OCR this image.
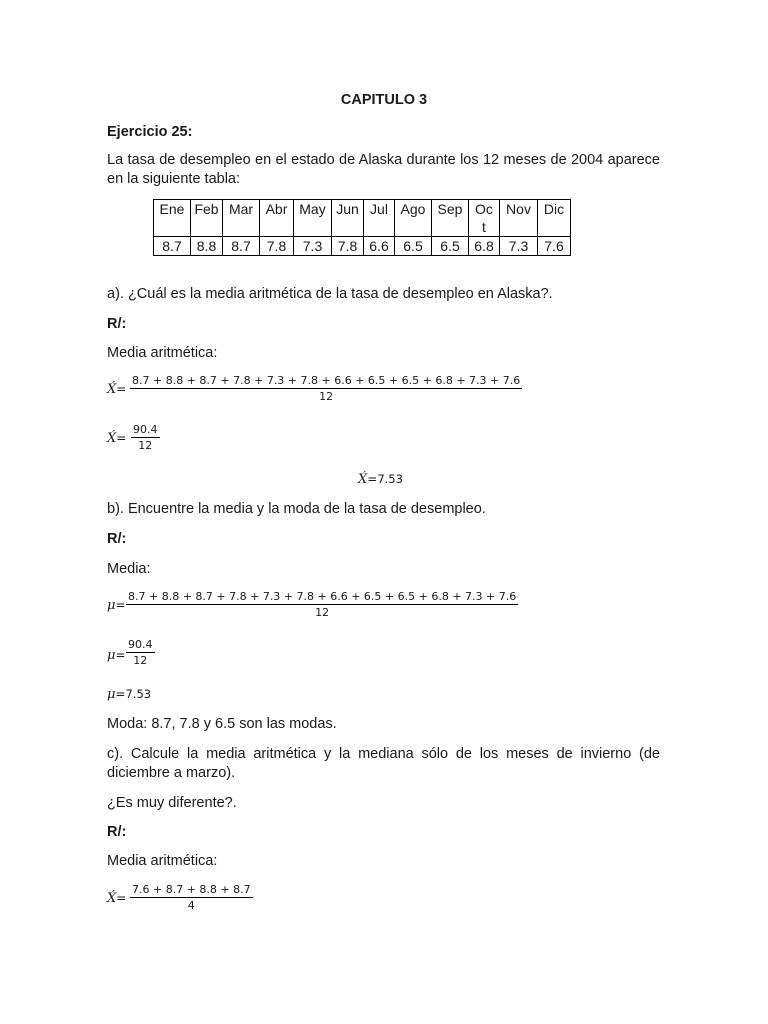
CAPITULO 3
Ejercicio 25:
La tasa de desempleo en el estado de Alaska durante los 12 meses de 2004 aparece en la siguiente tabla:
Ene	Feb	Mar	Abr	May	Jun	Jul	Ago	Sep	Oc t	Nov	Dic
8.7	8.8	8.7	7.8	7.3	7.8	6.6	6.5	6.5	6.8	7.3	7.6
a). ¿Cuál es la media aritmética de la tasa de desempleo en Alaska?.
R/:
Media aritmética:
X́=
8.7 + 8.8 + 8.7 + 7.8 + 7.3 + 7.8 + 6.6 + 6.5 + 6.5 + 6.8 + 7.3 + 7.6
12
X́= $\frac{90.4}{12}$
X́=7.53
b). Encuentre la media y la moda de la tasa de desempleo.
R/:
Media:
μ=
8.7 + 8.8 + 8.7 + 7.8 + 7.3 + 7.8 + 6.6 + 6.5 + 6.5 + 6.8 + 7.3 + 7.6
12
$\mu= \frac{90.4}{12}$
μ=7.53
Moda: 8.7, 7.8 y 6.5 son las modas.
c). Calcule la media aritmética y la mediana sólo de los meses de invierno (de diciembre a marzo).
¿Es muy diferente?.
R/:
Media aritmética:
X́= $\frac{7.6 + 8.7 + 8.8 + 8.7}{4}$
